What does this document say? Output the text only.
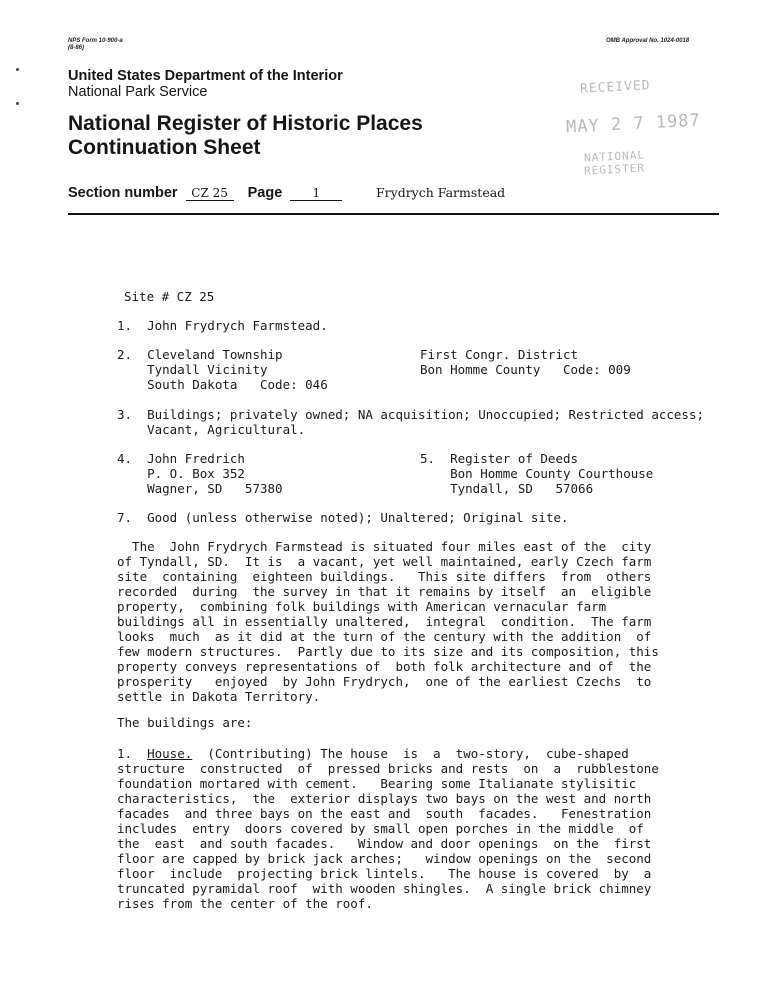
NPS Form 10-900-a
(8-86)
OMB Approval No. 1024-0018
United States Department of the Interior
National Park Service
National Register of Historic Places
Continuation Sheet
RECEIVED
MAY 2 7 1987
NATIONAL
REGISTER
Section number CZ 25 Page	1	Frydrych Farmstead
Site # CZ 25
1.  John Frydrych Farmstead.
2.  Cleveland Township
Tyndall Vicinity
South Dakota   Code: 046
First Congr. District
Bon Homme County   Code: 009
3.  Buildings; privately owned; NA acquisition; Unoccupied; Restricted access;
Vacant, Agricultural.
4.  John Fredrich
P. O. Box 352
Wagner, SD   57380
5.  Register of Deeds
Bon Homme County Courthouse
Tyndall, SD   57066
7.  Good (unless otherwise noted); Unaltered; Original site.
The  John Frydrych Farmstead is situated four miles east of the  city
of Tyndall, SD.  It is  a vacant, yet well maintained, early Czech farm
site  containing  eighteen buildings.   This site differs  from  others
recorded  during  the survey in that it remains by itself  an  eligible
property,  combining folk buildings with American vernacular farm
buildings all in essentially unaltered,  integral  condition.  The farm
looks  much  as it did at the turn of the century with the addition  of
few modern structures.  Partly due to its size and its composition, this
property conveys representations of  both folk architecture and of  the
prosperity   enjoyed  by John Frydrych,  one of the earliest Czechs  to
settle in Dakota Territory.
The buildings are:
1.  House.  (Contributing) The house  is  a  two-story,  cube-shaped
structure  constructed  of  pressed bricks and rests  on  a  rubblestone
foundation mortared with cement.   Bearing some Italianate stylisitic
characteristics,  the  exterior displays two bays on the west and north
facades  and three bays on the east and  south  facades.   Fenestration
includes  entry  doors covered by small open porches in the middle  of
the  east  and south facades.   Window and door openings  on the  first
floor are capped by brick jack arches;   window openings on the  second
floor  include  projecting brick lintels.   The house is covered  by  a
truncated pyramidal roof  with wooden shingles.  A single brick chimney
rises from the center of the roof.
